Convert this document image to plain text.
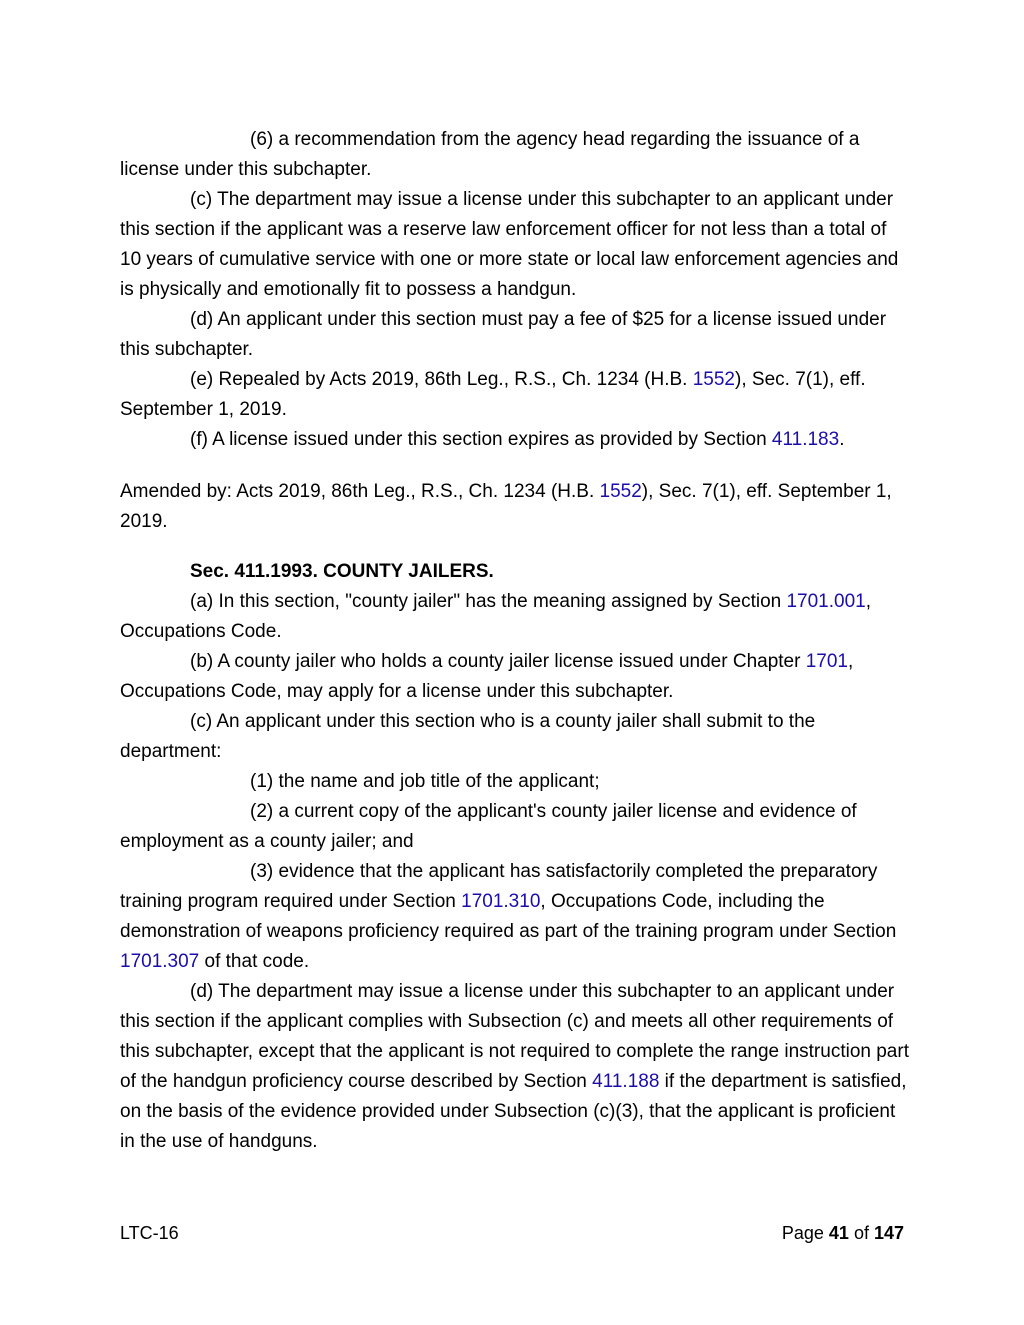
(6) a recommendation from the agency head regarding the issuance of a license under this subchapter.

(c) The department may issue a license under this subchapter to an applicant under this section if the applicant was a reserve law enforcement officer for not less than a total of 10 years of cumulative service with one or more state or local law enforcement agencies and is physically and emotionally fit to possess a handgun.

(d) An applicant under this section must pay a fee of $25 for a license issued under this subchapter.

(e) Repealed by Acts 2019, 86th Leg., R.S., Ch. 1234 (H.B. 1552), Sec. 7(1), eff. September 1, 2019.

(f) A license issued under this section expires as provided by Section 411.183.

Amended by: Acts 2019, 86th Leg., R.S., Ch. 1234 (H.B. 1552), Sec. 7(1), eff. September 1, 2019.

Sec. 411.1993. COUNTY JAILERS.

(a) In this section, "county jailer" has the meaning assigned by Section 1701.001, Occupations Code.

(b) A county jailer who holds a county jailer license issued under Chapter 1701, Occupations Code, may apply for a license under this subchapter.

(c) An applicant under this section who is a county jailer shall submit to the department:

(1) the name and job title of the applicant;

(2) a current copy of the applicant's county jailer license and evidence of employment as a county jailer; and

(3) evidence that the applicant has satisfactorily completed the preparatory training program required under Section 1701.310, Occupations Code, including the demonstration of weapons proficiency required as part of the training program under Section 1701.307 of that code.

(d) The department may issue a license under this subchapter to an applicant under this section if the applicant complies with Subsection (c) and meets all other requirements of this subchapter, except that the applicant is not required to complete the range instruction part of the handgun proficiency course described by Section 411.188 if the department is satisfied, on the basis of the evidence provided under Subsection (c)(3), that the applicant is proficient in the use of handguns.

LTC-16	Page 41 of 147
